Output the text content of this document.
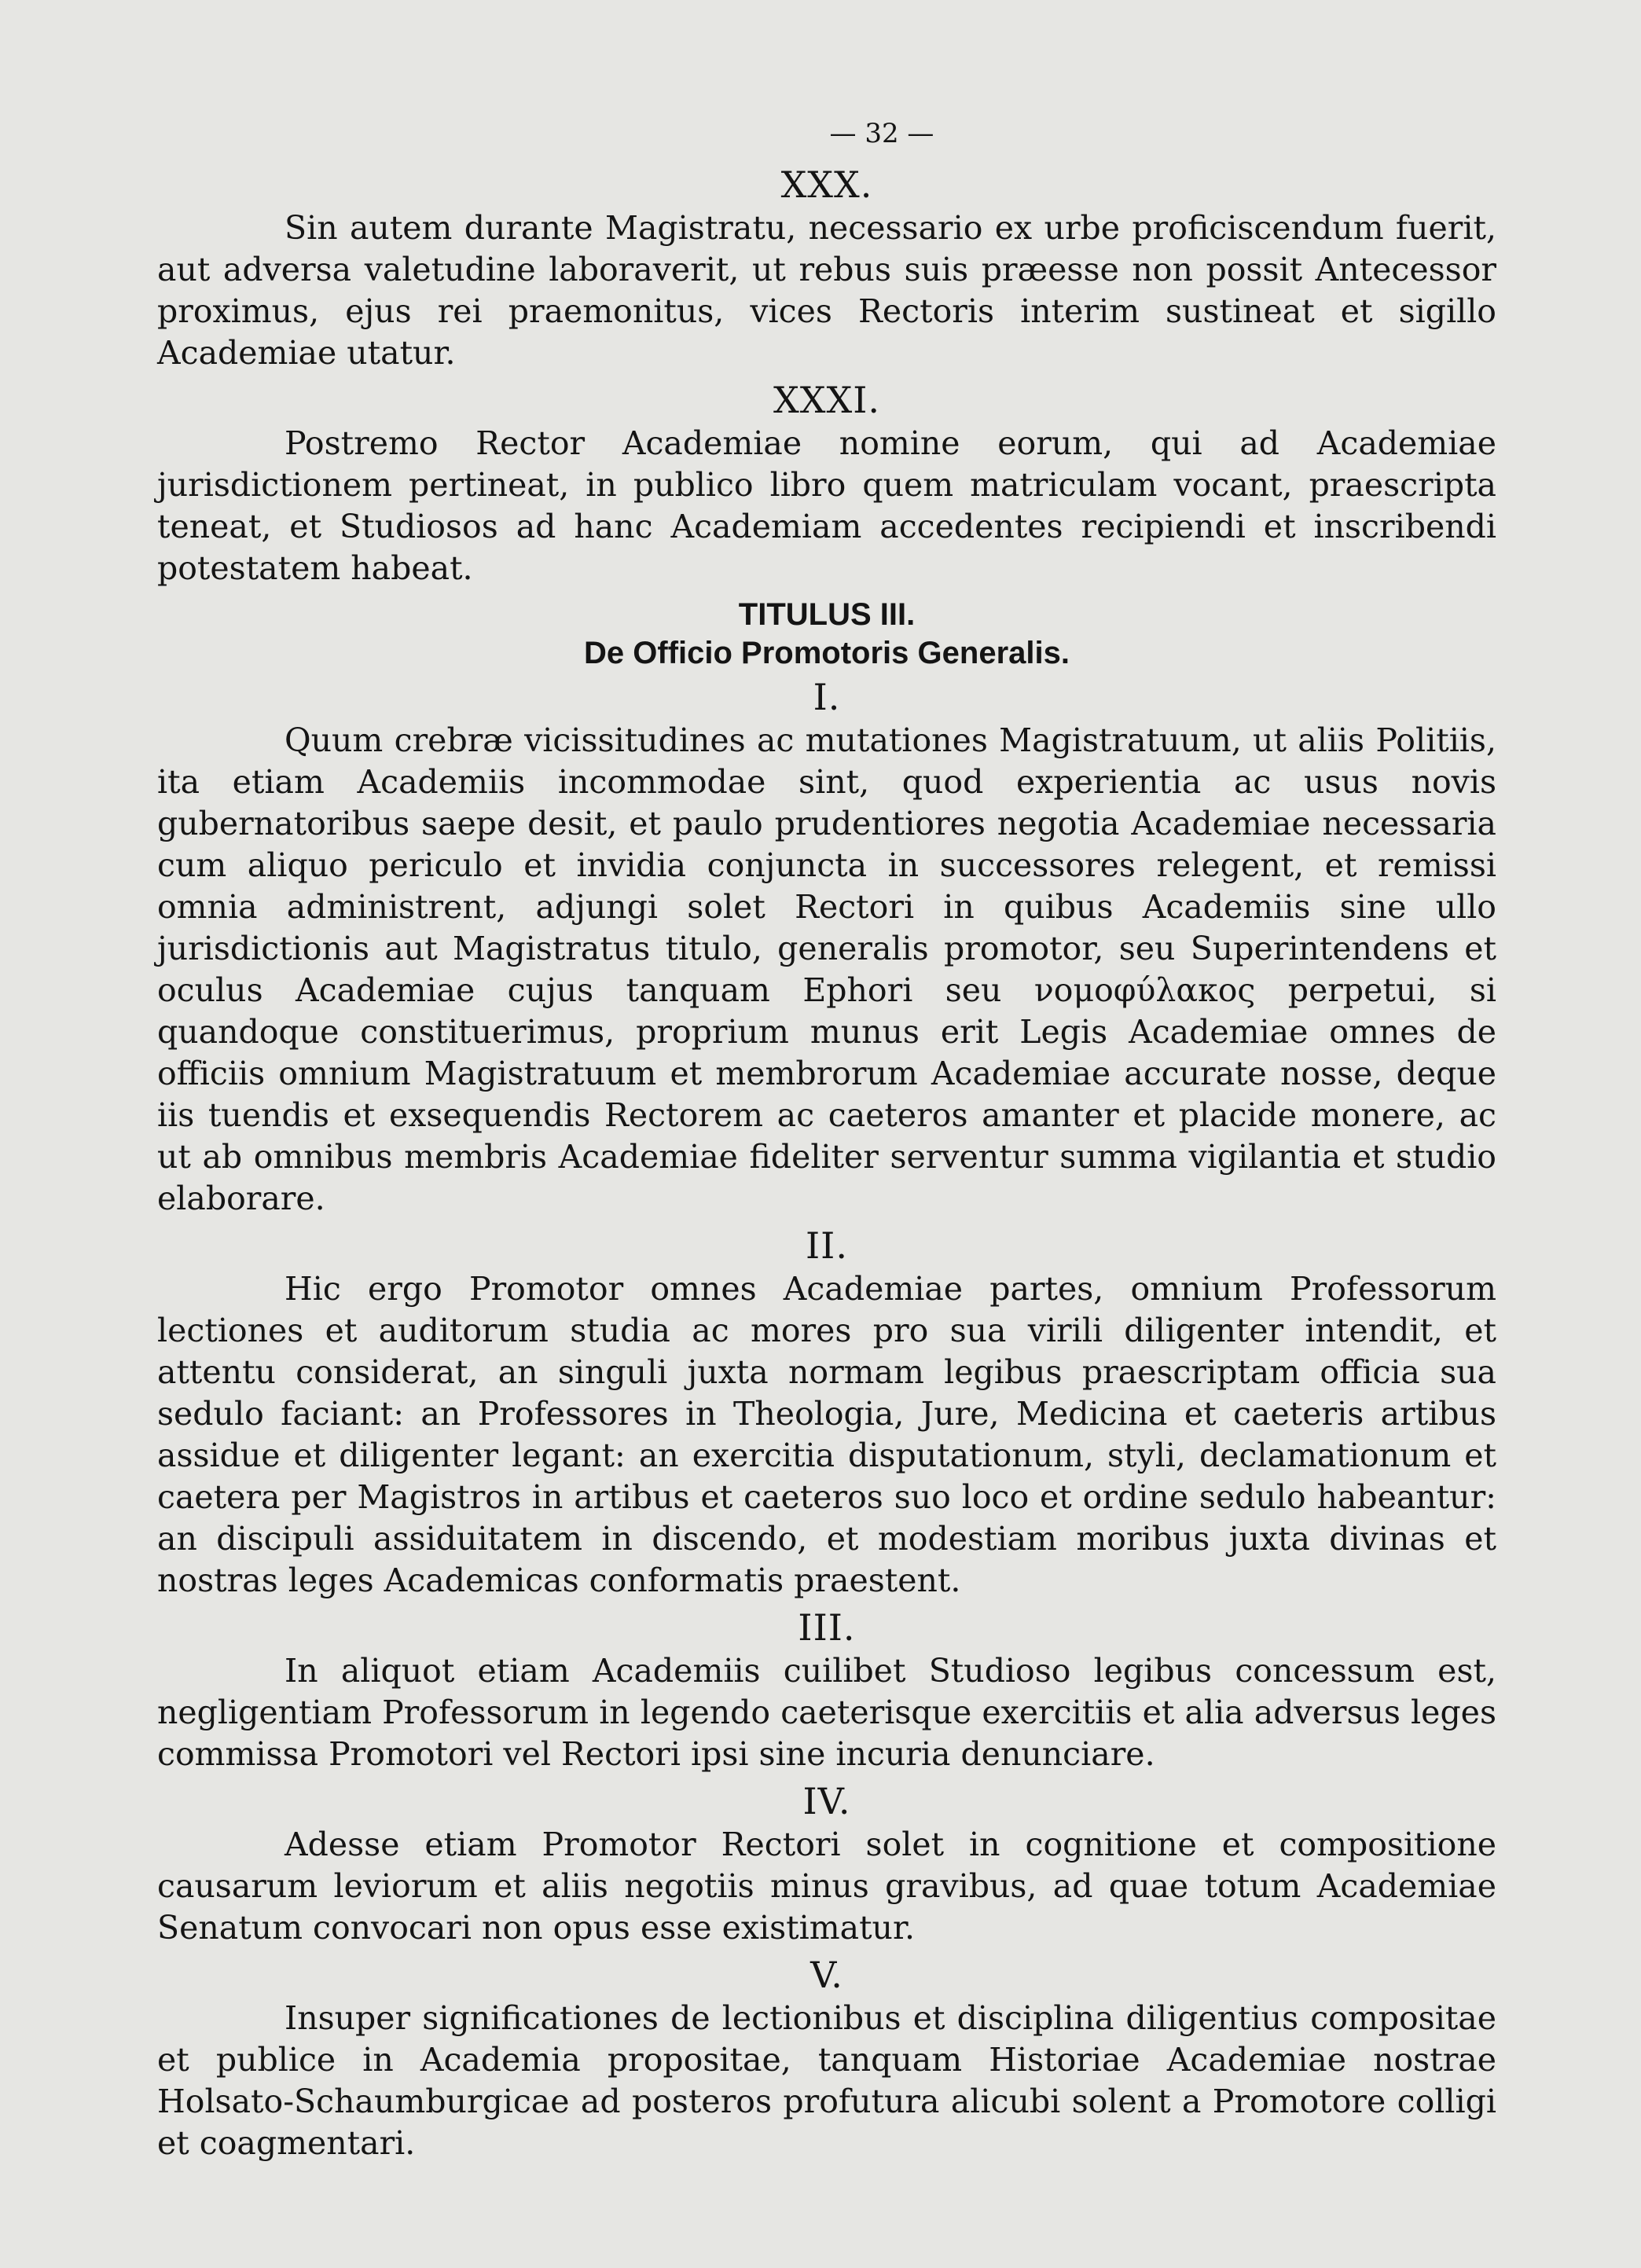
— 32 —
XXX.

Sin autem durante Magistratu, necessario ex urbe proficiscendum fuerit, aut adversa valetudine laboraverit, ut rebus suis præesse non possit Antecessor proximus, ejus rei praemonitus, vices Rectoris interim sustineat et sigillo Academiae utatur.

XXXI.

Postremo Rector Academiae nomine eorum, qui ad Academiae jurisdictionem pertineat, in publico libro quem matriculam vocant, praescripta teneat, et Studiosos ad hanc Academiam accedentes recipiendi et inscribendi potestatem habeat.

TITULUS III.
De Officio Promotoris Generalis.
I.

Quum crebræ vicissitudines ac mutationes Magistratuum, ut aliis Politiis, ita etiam Academiis incommodae sint, quod experientia ac usus novis gubernatoribus saepe desit, et paulo prudentiores negotia Academiae necessaria cum aliquo periculo et invidia conjuncta in successores relegent, et remissi omnia administrent, adjungi solet Rectori in quibus Academiis sine ullo jurisdictionis aut Magistratus titulo, generalis promotor, seu Superintendens et oculus Academiae cujus tanquam Ephori seu νομοφύλακος perpetui, si quandoque constituerimus, proprium munus erit Legis Academiae omnes de officiis omnium Magistratuum et membrorum Academiae accurate nosse, deque iis tuendis et exsequendis Rectorem ac caeteros amanter et placide monere, ac ut ab omnibus membris Academiae fideliter serventur summa vigilantia et studio elaborare.

II.

Hic ergo Promotor omnes Academiae partes, omnium Professorum lectiones et auditorum studia ac mores pro sua virili diligenter intendit, et attentu considerat, an singuli juxta normam legibus praescriptam officia sua sedulo faciant: an Professores in Theologia, Jure, Medicina et caeteris artibus assidue et diligenter legant: an exercitia disputationum, styli, declamationum et caetera per Magistros in artibus et caeteros suo loco et ordine sedulo habeantur: an discipuli assiduitatem in discendo, et modestiam moribus juxta divinas et nostras leges Academicas conformatis praestent.

III.

In aliquot etiam Academiis cuilibet Studioso legibus concessum est, negligentiam Professorum in legendo caeterisque exercitiis et alia adversus leges commissa Promotori vel Rectori ipsi sine incuria denunciare.

IV.

Adesse etiam Promotor Rectori solet in cognitione et compositione causarum leviorum et aliis negotiis minus gravibus, ad quae totum Academiae Senatum convocari non opus esse existimatur.

V.

Insuper significationes de lectionibus et disciplina diligentius compositae et publice in Academia propositae, tanquam Historiae Academiae nostrae Holsato-Schaumburgicae ad posteros profutura alicubi solent a Promotore colligi et coagmentari.
